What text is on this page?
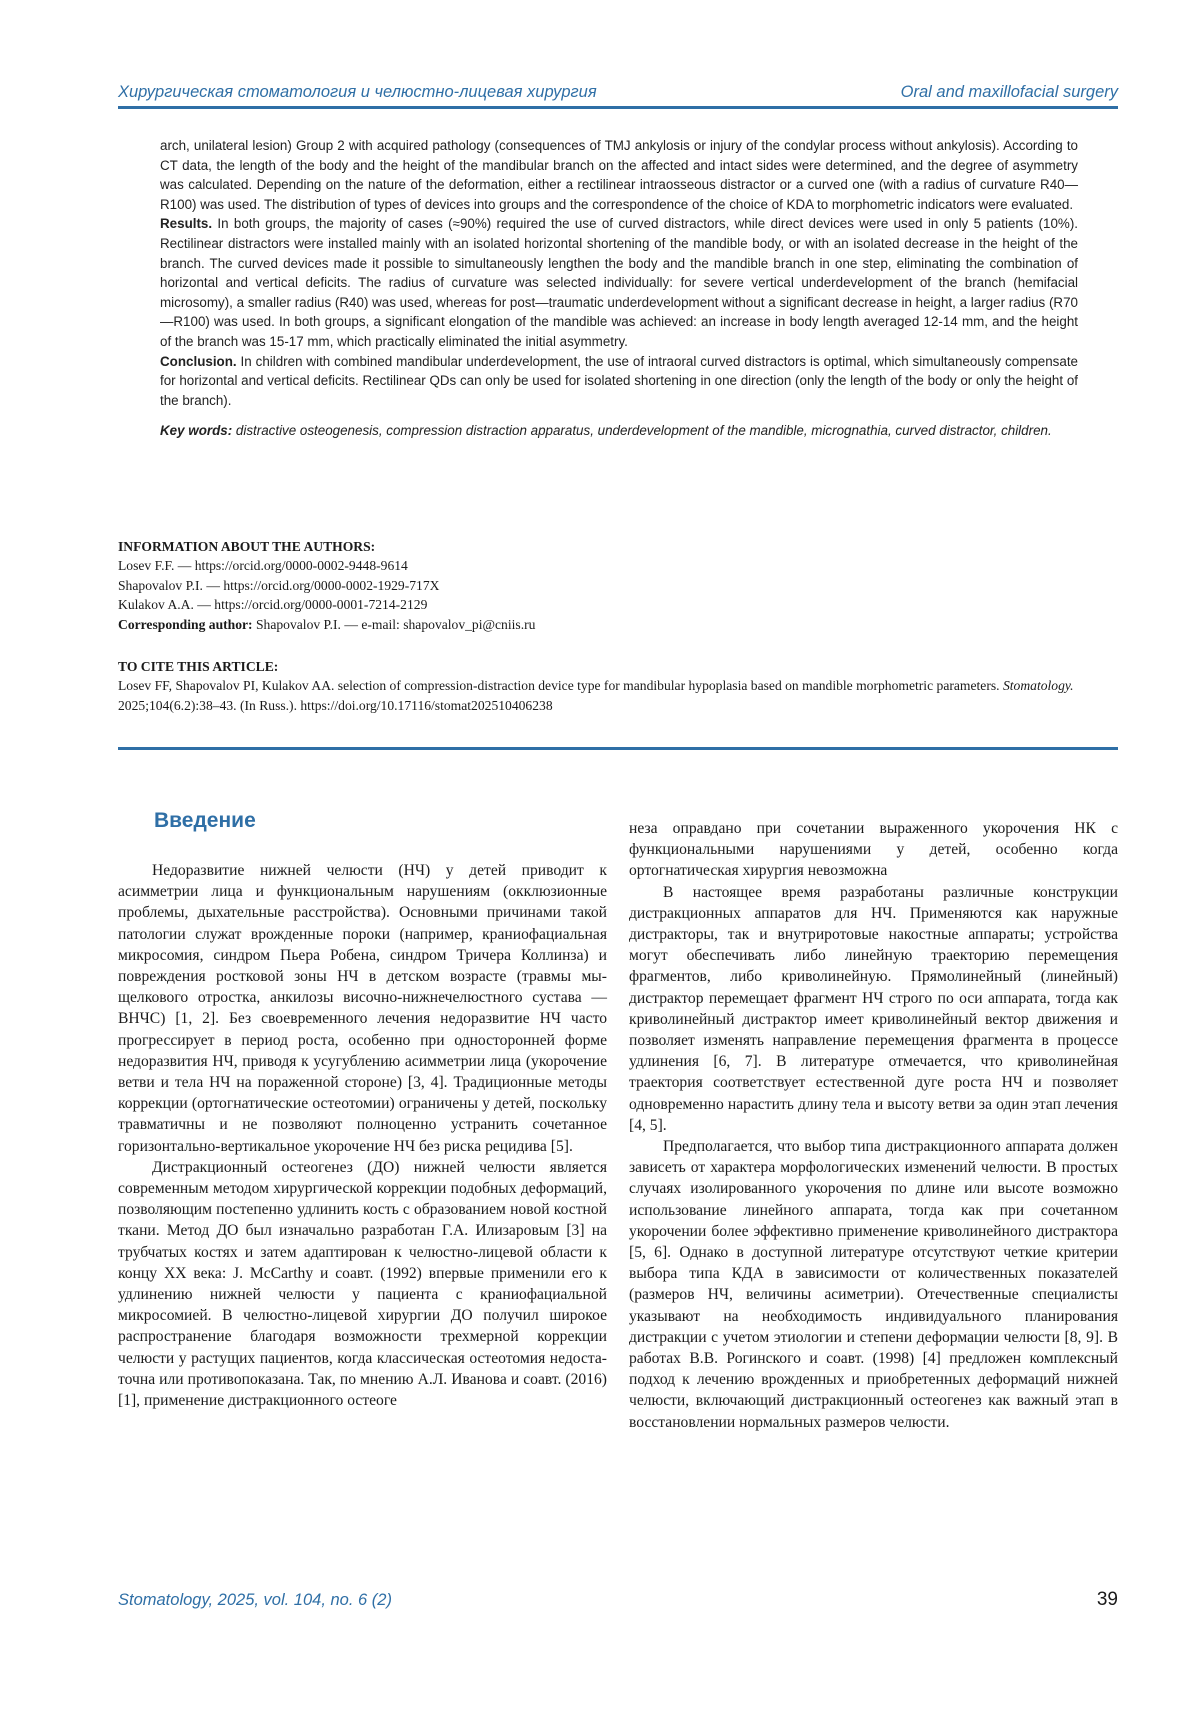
Хирургическая стоматология и челюстно-лицевая хирургия	Oral and maxillofacial surgery

arch, unilateral lesion) Group 2 with acquired pathology (consequences of TMJ ankylosis or injury of the condylar process without ankylosis). According to CT data, the length of the body and the height of the mandibular branch on the affected and intact sides were determined, and the degree of asymmetry was calculated. Depending on the nature of the deformation, either a rectilinear intraosseous distractor or a curved one (with a radius of curvature R40—R100) was used. The distribution of types of devices into groups and the correspondence of the choice of KDA to morphometric indicators were evaluated.

Results. In both groups, the majority of cases (≈90%) required the use of curved distractors, while direct devices were used in only 5 patients (10%). Rectilinear distractors were installed mainly with an isolated horizontal shortening of the mandible body, or with an isolated decrease in the height of the branch. The curved devices made it possible to simultaneously lengthen the body and the mandible branch in one step, eliminating the combination of horizontal and vertical deficits. The radius of curvature was selected individually: for severe vertical underdevelopment of the branch (hemifacial microsomy), a smaller radius (R40) was used, whereas for post—traumatic underdevelopment without a significant decrease in height, a larger radius (R70—R100) was used. In both groups, a significant elongation of the mandible was achieved: an increase in body length averaged 12-14 mm, and the height of the branch was 15-17 mm, which practically eliminated the initial asymmetry.

Conclusion. In children with combined mandibular underdevelopment, the use of intraoral curved distractors is optimal, which simultaneously compensate for horizontal and vertical deficits. Rectilinear QDs can only be used for isolated shortening in one direction (only the length of the body or only the height of the branch).

Key words: distractive osteogenesis, compression distraction apparatus, underdevelopment of the mandible, micrognathia, curved distractor, children.

INFORMATION ABOUT THE AUTHORS:

Losev F.F. — https://orcid.org/0000-0002-9448-9614

Shapovalov P.I. — https://orcid.org/0000-0002-1929-717X

Kulakov A.A. — https://orcid.org/0000-0001-7214-2129

Corresponding author: Shapovalov P.I. — e-mail: shapovalov_pi@cniis.ru

TO CITE THIS ARTICLE:

Losev FF, Shapovalov PI, Kulakov AA. selection of compression-distraction device type for mandibular hypoplasia based on mandible morphometric parameters. Stomatology. 2025;104(6.2):38–43. (In Russ.). https://doi.org/10.17116/stomat202510406238

Введение

Недоразвитие нижней челюсти (НЧ) у детей приводит к асимметрии лица и функциональным нарушениям (окклюзионные проблемы, дыхательные расстройства). Основными причинами такой патологии служат врожденные пороки (например, краниофациальная микросомия, синдром Пьера Робена, синдром Тричера Коллинза) и повреждения ростковой зоны НЧ в детском возрасте (травмы мыщелкового отростка, анкилозы височно-нижнечелюстного сустава — ВНЧС) [1, 2]. Без своевременного лечения недоразвитие НЧ часто прогрессирует в период роста, особенно при односторонней форме недоразвития НЧ, приводя к усугублению асимметрии лица (укорочение ветви и тела НЧ на пораженной стороне) [3, 4]. Традиционные методы коррекции (ортогнатические остеотомии) ограничены у детей, поскольку травматичны и не позволяют полноценно устранить сочетанное горизонтально-вертикальное укорочение НЧ без риска рецидива [5].

Дистракционный остеогенез (ДО) нижней челюсти является современным методом хирургической коррекции подобных деформаций, позволяющим постепенно удлинить кость с образованием новой костной ткани. Метод ДО был изначально разработан Г.А. Илизаровым [3] на трубчатых костях и затем адаптирован к челюстно-лицевой области к концу XX века: J. McCarthy и соавт. (1992) впервые применили его к удлинению нижней челюсти у пациента с краниофациальной микросомией. В челюстно-лицевой хирургии ДО получил широкое распространение благодаря возможности трехмерной коррекции челюсти у растущих пациентов, когда классическая остеотомия недостаточна или противопоказана. Так, по мнению А.Л. Иванова и соавт. (2016) [1], применение дистракционного остеоге

неза оправдано при сочетании выраженного укорочения НК с функциональными нарушениями у детей, особенно когда ортогнатическая хирургия невозможна

В настоящее время разработаны различные конструкции дистракционных аппаратов для НЧ. Применяются как наружные дистракторы, так и внутриротовые накостные аппараты; устройства могут обеспечивать либо линейную траекторию перемещения фрагментов, либо криволинейную. Прямолинейный (линейный) дистрактор перемещает фрагмент НЧ строго по оси аппарата, тогда как криволинейный дистрактор имеет криволинейный вектор движения и позволяет изменять направление перемещения фрагмента в процессе удлинения [6, 7]. В литературе отмечается, что криволинейная траектория соответствует естественной дуге роста НЧ и позволяет одновременно нарастить длину тела и высоту ветви за один этап лечения [4, 5].

Предполагается, что выбор типа дистракционного аппарата должен зависеть от характера морфологических изменений челюсти. В простых случаях изолированного укорочения по длине или высоте возможно использование линейного аппарата, тогда как при сочетанном укорочении более эффективно применение криволинейного дистрактора [5, 6]. Однако в доступной литературе отсутствуют четкие критерии выбора типа КДА в зависимости от количественных показателей (размеров НЧ, величины асиметрии). Отечественные специалисты указывают на необходимость индивидуального планирования дистракции с учетом этиологии и степени деформации челюсти [8, 9]. В работах В.В. Рогинского и соавт. (1998) [4] предложен комплексный подход к лечению врожденных и приобретенных деформаций нижней челюсти, включающий дистракционный остеогенез как важный этап в восстановлении нормальных размеров челюсти.

Stomatology, 2025, vol. 104, no. 6 (2)	39
